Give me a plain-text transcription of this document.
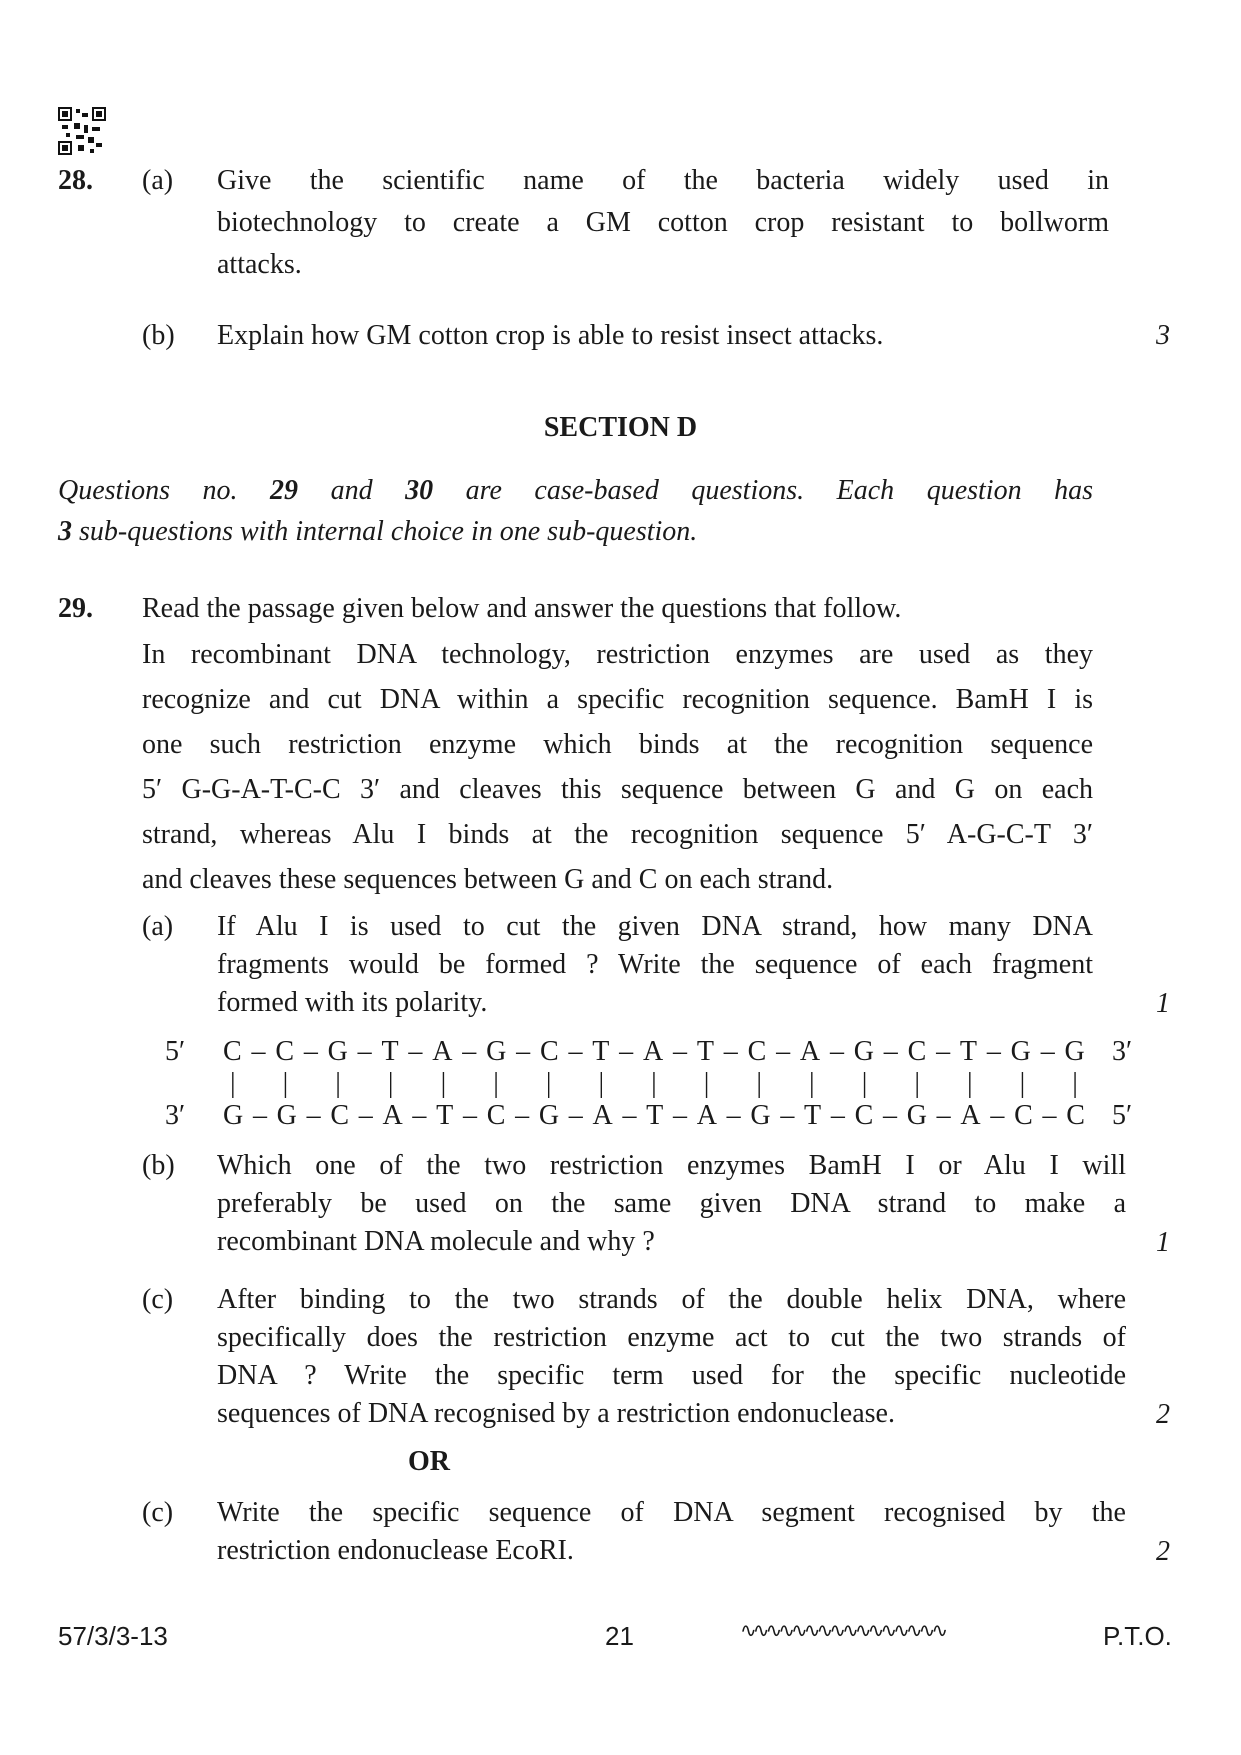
28. (a) Give the scientific name of the bacteria widely used in
biotechnology to create a GM cotton crop resistant to bollworm
attacks.
(b) Explain how GM cotton crop is able to resist insect attacks.	3
SECTION D
Questions no. 29 and 30 are case-based questions. Each question has
3 sub-questions with internal choice in one sub-question.
29. Read the passage given below and answer the questions that follow.
In recombinant DNA technology, restriction enzymes are used as they
recognize and cut DNA within a specific recognition sequence. BamH I is
one such restriction enzyme which binds at the recognition sequence
5′ G-G-A-T-C-C 3′ and cleaves this sequence between G and G on each
strand, whereas Alu I binds at the recognition sequence 5′ A-G-C-T 3′
and cleaves these sequences between G and C on each strand.
(a) If Alu I is used to cut the given DNA strand, how many DNA
fragments would be formed ? Write the sequence of each fragment
formed with its polarity.	1
5′ C – C – G – T – A – G – C – T – A – T – C – A – G – C – T – G – G 3′
| | | | | | | | | | | | | | | | |
3′ G – G – C – A – T – C – G – A – T – A – G – T – C – G – A – C – C 5′
(b) Which one of the two restriction enzymes BamH I or Alu I will
preferably be used on the same given DNA strand to make a
recombinant DNA molecule and why ?	1
(c) After binding to the two strands of the double helix DNA, where
specifically does the restriction enzyme act to cut the two strands of
DNA ? Write the specific term used for the specific nucleotide
sequences of DNA recognised by a restriction endonuclease.	2
OR
(c) Write the specific sequence of DNA segment recognised by the
restriction endonuclease EcoRI.	2
57/3/3-13	21	∿∿∿∿∿∿∿∿∿∿∿∿∿∿∿∿	P.T.O.
